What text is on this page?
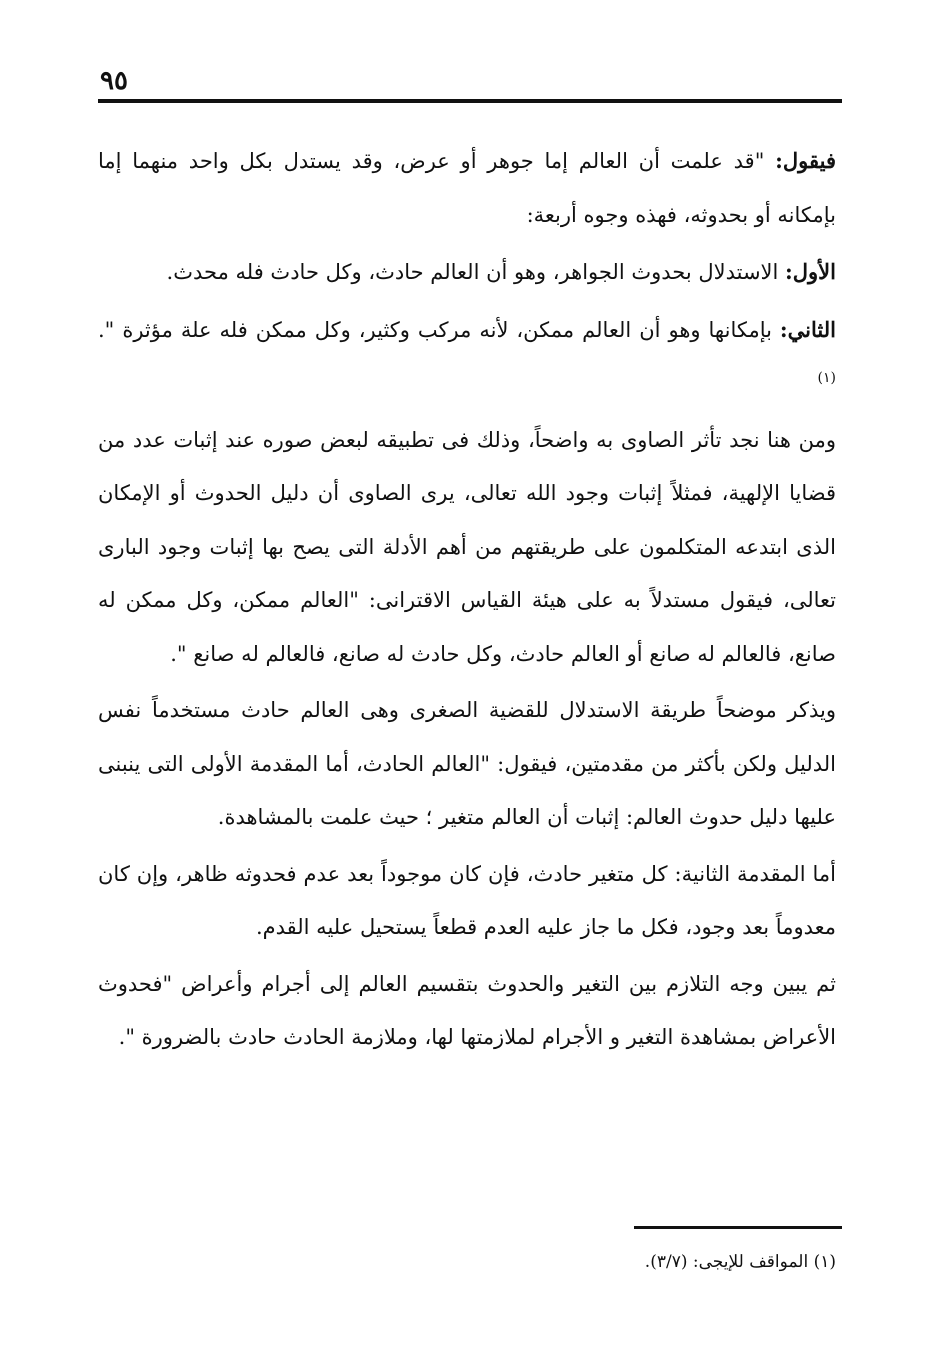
٩٥

فيقول: "قد علمت أن العالم إما جوهر أو عرض، وقد يستدل بكل واحد منهما إما بإمكانه أو بحدوثه، فهذه وجوه أربعة:

الأول: الاستدلال بحدوث الجواهر، وهو أن العالم حادث، وكل حادث فله محدث.

الثاني: بإمكانها وهو أن العالم ممكن، لأنه مركب وكثير، وكل ممكن فله علة مؤثرة ". $^{(١)}$

ومن هنا نجد تأثر الصاوى به واضحاً، وذلك فى تطبيقه لبعض صوره عند إثبات عدد من قضايا الإلهية، فمثلاً إثبات وجود الله تعالى، يرى الصاوى أن دليل الحدوث أو الإمكان الذى ابتدعه المتكلمون على طريقتهم من أهم الأدلة التى يصح بها إثبات وجود البارى تعالى، فيقول مستدلاً به على هيئة القياس الاقترانى: "العالم ممكن، وكل ممكن له صانع، فالعالم له صانع أو العالم حادث، وكل حادث له صانع، فالعالم له صانع ".

ويذكر موضحاً طريقة الاستدلال للقضية الصغرى وهى العالم حادث مستخدماً نفس الدليل ولكن بأكثر من مقدمتين، فيقول: "العالم الحادث، أما المقدمة الأولى التى ينبنى عليها دليل حدوث العالم: إثبات أن العالم متغير ؛ حيث علمت بالمشاهدة.

أما المقدمة الثانية: كل متغير حادث، فإن كان موجوداً بعد عدم فحدوثه ظاهر، وإن كان معدوماً بعد وجود، فكل ما جاز عليه العدم قطعاً يستحيل عليه القدم.

ثم يبين وجه التلازم بين التغير والحدوث بتقسيم العالم إلى أجرام وأعراض "فحدوث الأعراض بمشاهدة التغير و الأجرام لملازمتها لها، وملازمة الحادث حادث بالضرورة ".

(١) المواقف للإيجى: (٣/٧).
